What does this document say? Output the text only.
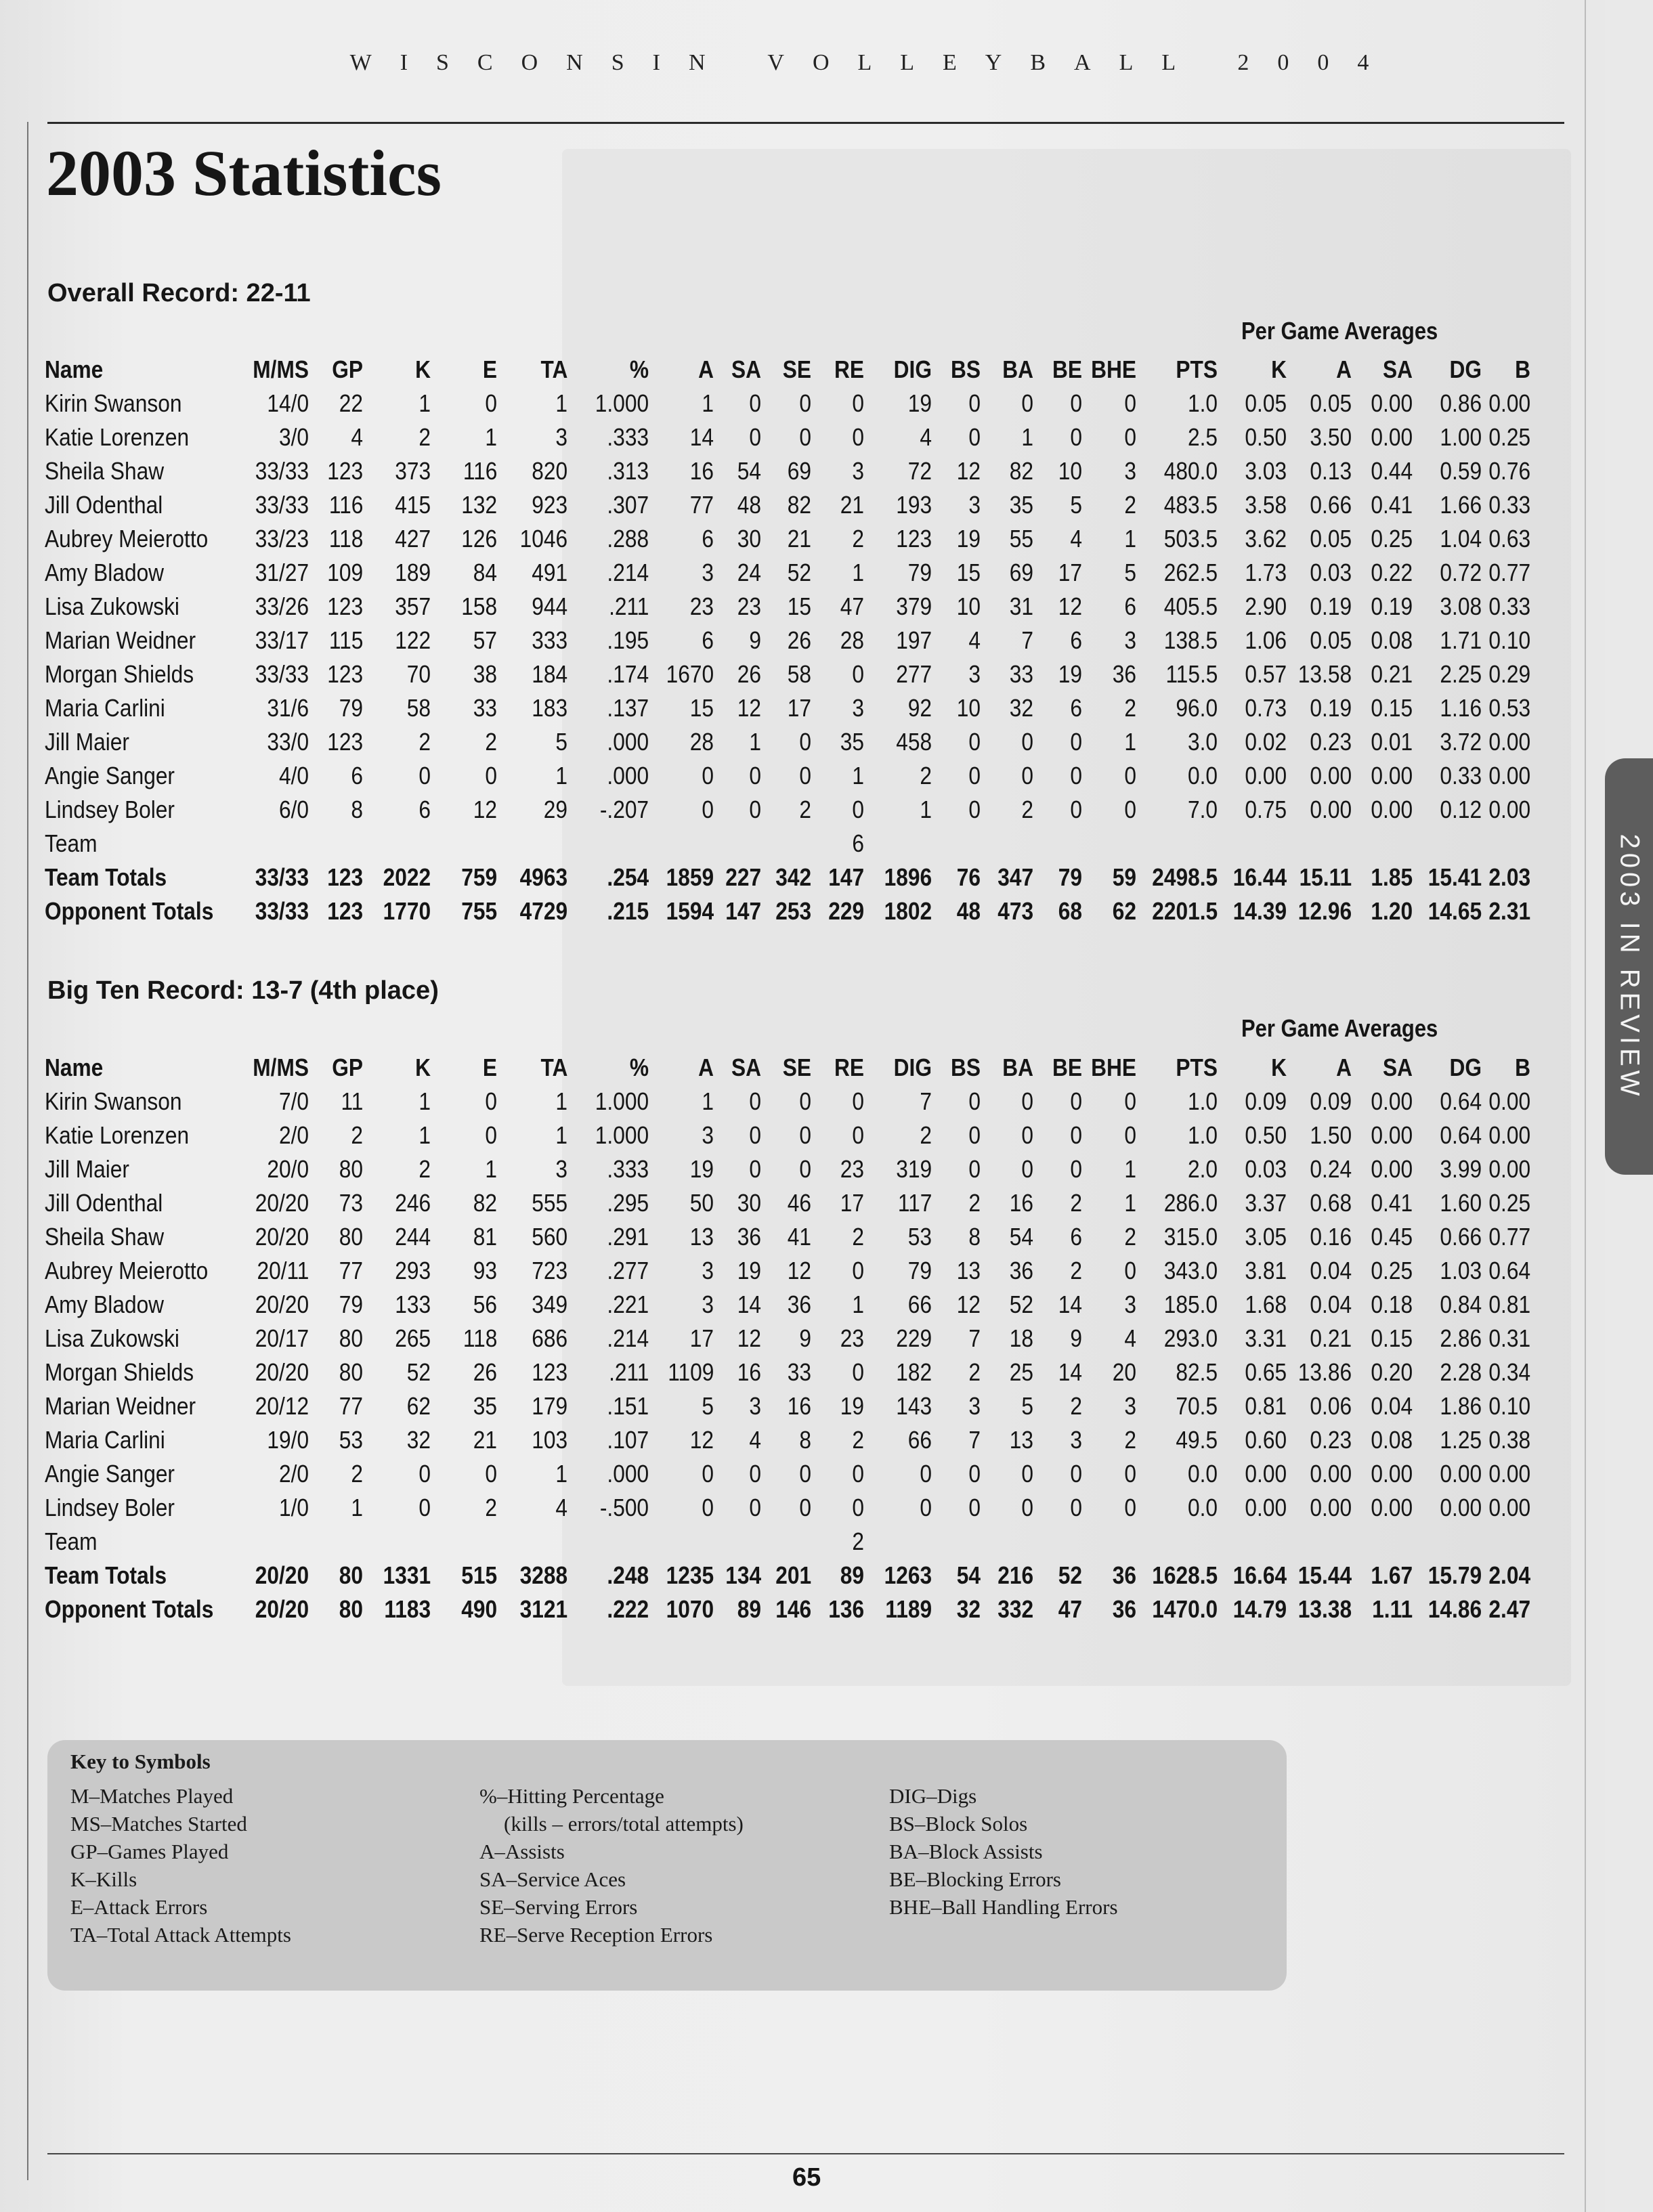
WISCONSIN VOLLEYBALL 2004
2003 Statistics
Overall Record: 22-11
Per Game Averages
Name	M/MS	GP	K	E	TA	%	A	SA	SE	RE	DIG	BS	BA	BE	BHE	PTS	K	A	SA	DG	B
Kirin Swanson	14/0	22	1	0	1	1.000	1	0	0	0	19	0	0	0	0	1.0	0.05	0.05	0.00	0.86	0.00
Katie Lorenzen	3/0	4	2	1	3	.333	14	0	0	0	4	0	1	0	0	2.5	0.50	3.50	0.00	1.00	0.25
Sheila Shaw	33/33	123	373	116	820	.313	16	54	69	3	72	12	82	10	3	480.0	3.03	0.13	0.44	0.59	0.76
Jill Odenthal	33/33	116	415	132	923	.307	77	48	82	21	193	3	35	5	2	483.5	3.58	0.66	0.41	1.66	0.33
Aubrey Meierotto	33/23	118	427	126	1046	.288	6	30	21	2	123	19	55	4	1	503.5	3.62	0.05	0.25	1.04	0.63
Amy Bladow	31/27	109	189	84	491	.214	3	24	52	1	79	15	69	17	5	262.5	1.73	0.03	0.22	0.72	0.77
Lisa Zukowski	33/26	123	357	158	944	.211	23	23	15	47	379	10	31	12	6	405.5	2.90	0.19	0.19	3.08	0.33
Marian Weidner	33/17	115	122	57	333	.195	6	9	26	28	197	4	7	6	3	138.5	1.06	0.05	0.08	1.71	0.10
Morgan Shields	33/33	123	70	38	184	.174	1670	26	58	0	277	3	33	19	36	115.5	0.57	13.58	0.21	2.25	0.29
Maria Carlini	31/6	79	58	33	183	.137	15	12	17	3	92	10	32	6	2	96.0	0.73	0.19	0.15	1.16	0.53
Jill Maier	33/0	123	2	2	5	.000	28	1	0	35	458	0	0	0	1	3.0	0.02	0.23	0.01	3.72	0.00
Angie Sanger	4/0	6	0	0	1	.000	0	0	0	1	2	0	0	0	0	0.0	0.00	0.00	0.00	0.33	0.00
Lindsey Boler	6/0	8	6	12	29	-.207	0	0	2	0	1	0	2	0	0	7.0	0.75	0.00	0.00	0.12	0.00
Team										6											
Team Totals	33/33	123	2022	759	4963	.254	1859	227	342	147	1896	76	347	79	59	2498.5	16.44	15.11	1.85	15.41	2.03
Opponent Totals	33/33	123	1770	755	4729	.215	1594	147	253	229	1802	48	473	68	62	2201.5	14.39	12.96	1.20	14.65	2.31
Big Ten Record: 13-7 (4th place)
Per Game Averages
Name	M/MS	GP	K	E	TA	%	A	SA	SE	RE	DIG	BS	BA	BE	BHE	PTS	K	A	SA	DG	B
Kirin Swanson	7/0	11	1	0	1	1.000	1	0	0	0	7	0	0	0	0	1.0	0.09	0.09	0.00	0.64	0.00
Katie Lorenzen	2/0	2	1	0	1	1.000	3	0	0	0	2	0	0	0	0	1.0	0.50	1.50	0.00	0.64	0.00
Jill Maier	20/0	80	2	1	3	.333	19	0	0	23	319	0	0	0	1	2.0	0.03	0.24	0.00	3.99	0.00
Jill Odenthal	20/20	73	246	82	555	.295	50	30	46	17	117	2	16	2	1	286.0	3.37	0.68	0.41	1.60	0.25
Sheila Shaw	20/20	80	244	81	560	.291	13	36	41	2	53	8	54	6	2	315.0	3.05	0.16	0.45	0.66	0.77
Aubrey Meierotto	20/11	77	293	93	723	.277	3	19	12	0	79	13	36	2	0	343.0	3.81	0.04	0.25	1.03	0.64
Amy Bladow	20/20	79	133	56	349	.221	3	14	36	1	66	12	52	14	3	185.0	1.68	0.04	0.18	0.84	0.81
Lisa Zukowski	20/17	80	265	118	686	.214	17	12	9	23	229	7	18	9	4	293.0	3.31	0.21	0.15	2.86	0.31
Morgan Shields	20/20	80	52	26	123	.211	1109	16	33	0	182	2	25	14	20	82.5	0.65	13.86	0.20	2.28	0.34
Marian Weidner	20/12	77	62	35	179	.151	5	3	16	19	143	3	5	2	3	70.5	0.81	0.06	0.04	1.86	0.10
Maria Carlini	19/0	53	32	21	103	.107	12	4	8	2	66	7	13	3	2	49.5	0.60	0.23	0.08	1.25	0.38
Angie Sanger	2/0	2	0	0	1	.000	0	0	0	0	0	0	0	0	0	0.0	0.00	0.00	0.00	0.00	0.00
Lindsey Boler	1/0	1	0	2	4	-.500	0	0	0	0	0	0	0	0	0	0.0	0.00	0.00	0.00	0.00	0.00
Team										2											
Team Totals	20/20	80	1331	515	3288	.248	1235	134	201	89	1263	54	216	52	36	1628.5	16.64	15.44	1.67	15.79	2.04
Opponent Totals	20/20	80	1183	490	3121	.222	1070	89	146	136	1189	32	332	47	36	1470.0	14.79	13.38	1.11	14.86	2.47
Key to Symbols
M–Matches Played
MS–Matches Started
GP–Games Played
K–Kills
E–Attack Errors
TA–Total Attack Attempts
%–Hitting Percentage
(kills – errors/total attempts)
A–Assists
SA–Service Aces
SE–Serving Errors
RE–Serve Reception Errors
DIG–Digs
BS–Block Solos
BA–Block Assists
BE–Blocking Errors
BHE–Ball Handling Errors
65
2003 IN REVIEW
